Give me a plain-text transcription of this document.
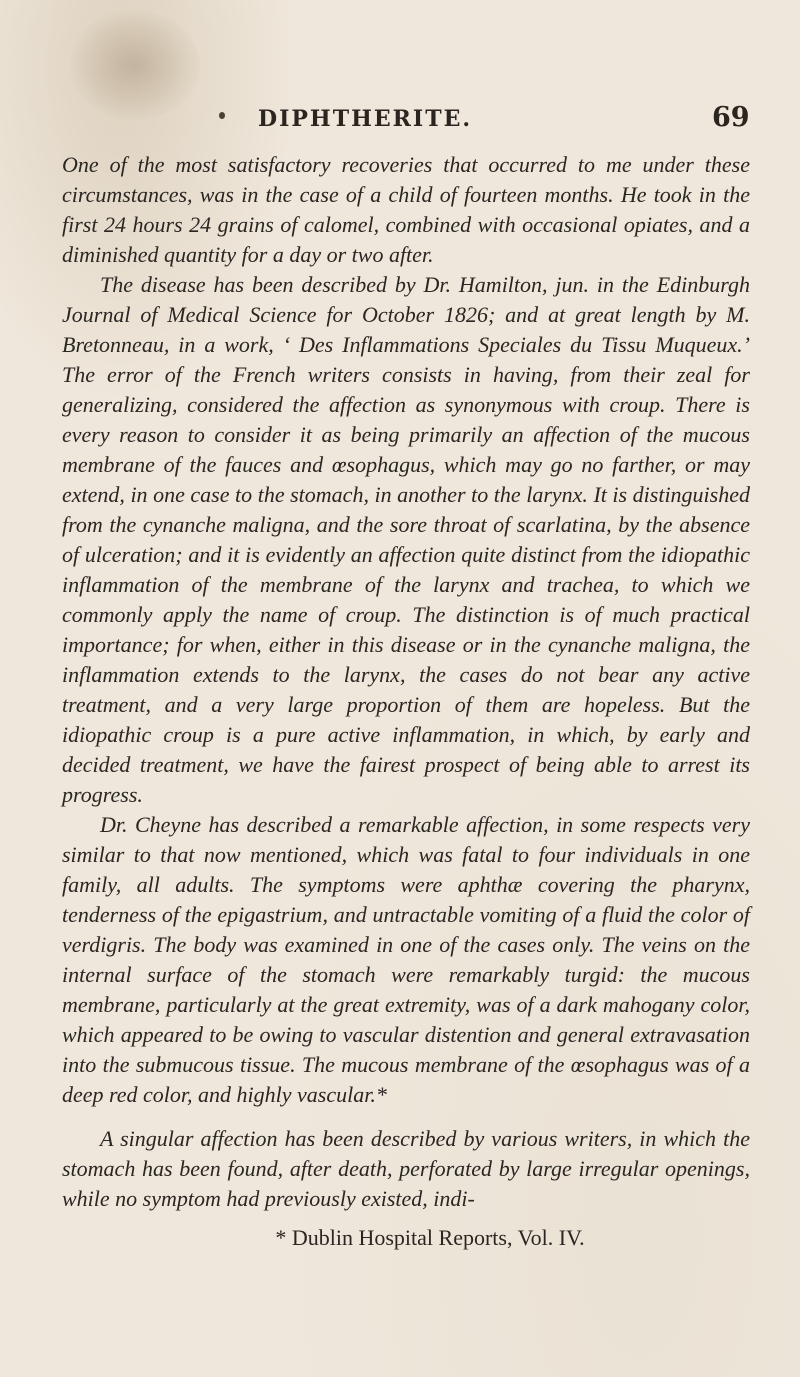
DIPHTHERITE.	69

One of the most satisfactory recoveries that occurred to me under these circumstances, was in the case of a child of fourteen months. He took in the first 24 hours 24 grains of calomel, combined with occasional opiates, and a diminished quantity for a day or two after.

The disease has been described by Dr. Hamilton, jun. in the Edinburgh Journal of Medical Science for October 1826; and at great length by M. Bretonneau, in a work, ‘ Des Inflammations Speciales du Tissu Muqueux.’ The error of the French writers consists in having, from their zeal for generalizing, considered the affection as synonymous with croup. There is every reason to consider it as being primarily an affection of the mucous membrane of the fauces and œsophagus, which may go no farther, or may extend, in one case to the stomach, in another to the larynx. It is distinguished from the cynanche maligna, and the sore throat of scarlatina, by the absence of ulceration; and it is evidently an affection quite distinct from the idiopathic inflammation of the membrane of the larynx and trachea, to which we commonly apply the name of croup. The distinction is of much practical importance; for when, either in this disease or in the cynanche maligna, the inflammation extends to the larynx, the cases do not bear any active treatment, and a very large proportion of them are hopeless. But the idiopathic croup is a pure active inflammation, in which, by early and decided treatment, we have the fairest prospect of being able to arrest its progress.

Dr. Cheyne has described a remarkable affection, in some respects very similar to that now mentioned, which was fatal to four individuals in one family, all adults. The symptoms were aphthæ covering the pharynx, tenderness of the epigastrium, and untractable vomiting of a fluid the color of verdigris. The body was examined in one of the cases only. The veins on the internal surface of the stomach were remarkably turgid: the mucous membrane, particularly at the great extremity, was of a dark mahogany color, which appeared to be owing to vascular distention and general extravasation into the submucous tissue. The mucous membrane of the œsophagus was of a deep red color, and highly vascular.*

A singular affection has been described by various writers, in which the stomach has been found, after death, perforated by large irregular openings, while no symptom had previously existed, indi-

* Dublin Hospital Reports, Vol. IV.
